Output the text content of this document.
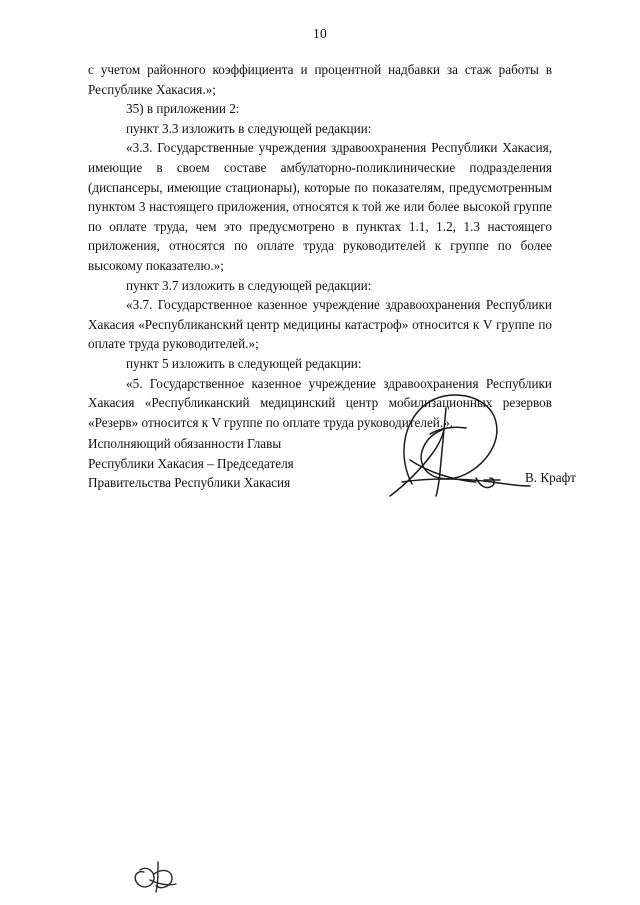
10

с учетом районного коэффициента и процентной надбавки за стаж работы в Республике Хакасия.»;

35) в приложении 2:

пункт 3.3 изложить в следующей редакции:

«3.3. Государственные учреждения здравоохранения Республики Хакасия, имеющие в своем составе амбулаторно-поликлинические подразделения (диспансеры, имеющие стационары), которые по показателям, предусмотренным пунктом 3 настоящего приложения, относятся к той же или более высокой группе по оплате труда, чем это предусмотрено в пунктах 1.1, 1.2, 1.3 настоящего приложения, относятся по оплате труда руководителей к группе по более высокому показателю.»;

пункт 3.7 изложить в следующей редакции:

«3.7. Государственное казенное учреждение здравоохранения Республики Хакасия «Республиканский центр медицины катастроф» относится к V группе по оплате труда руководителей.»;

пункт 5 изложить в следующей редакции:

«5. Государственное казенное учреждение здравоохранения Республики Хакасия «Республиканский медицинский центр мобилизационных резервов «Резерв» относится к V группе по оплате труда руководителей.».

Исполняющий обязанности Главы
Республики Хакасия – Председателя
Правительства Республики Хакасия	В. Крафт
